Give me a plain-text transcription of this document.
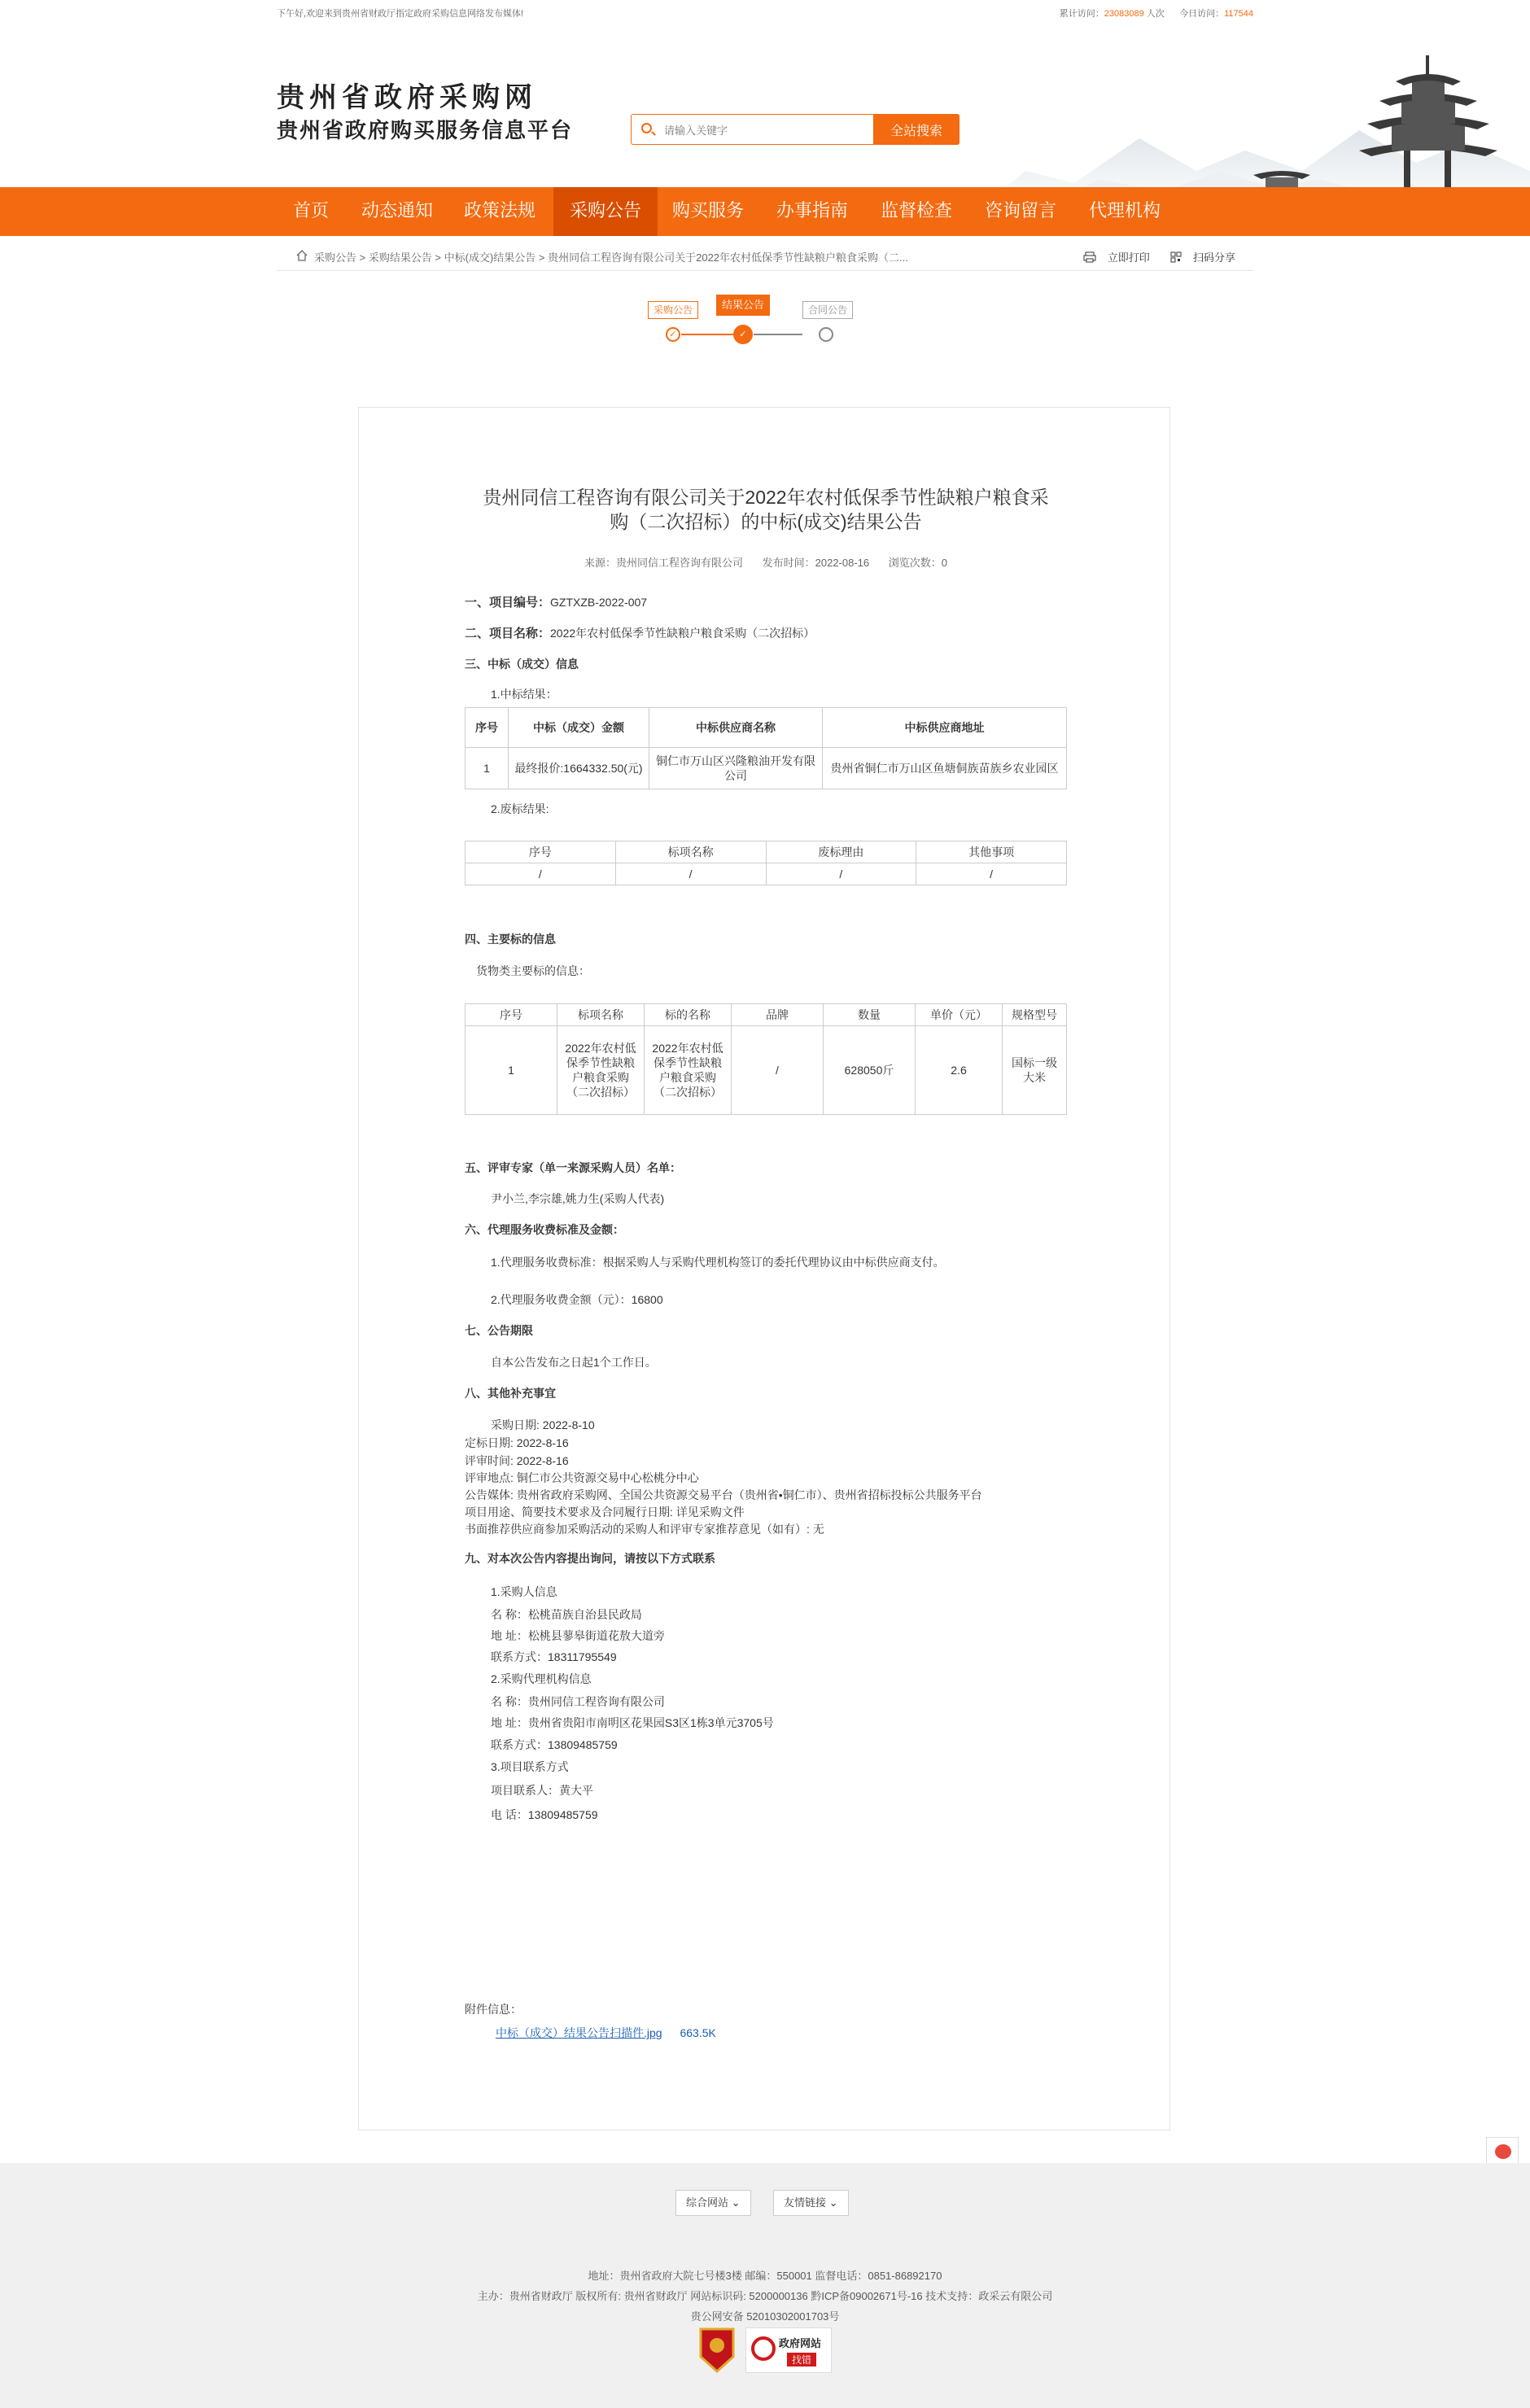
下午好,欢迎来到贵州省财政厅指定政府采购信息网络发布媒体!	累计访问：23083089 人次 今日访问：117544
贵州省政府采购网
贵州省政府购买服务信息平台
请输入关键字	全站搜索
首页	动态通知	政策法规	采购公告	购买服务	办事指南	监督检查	咨询留言	代理机构
采购公告 > 采购结果公告 > 中标(成交)结果公告 > 贵州同信工程咨询有限公司关于2022年农村低保季节性缺粮户粮食采购（二...	立即打印	扫码分享
采购公告	结果公告	合同公告
✓	✓
贵州同信工程咨询有限公司关于2022年农村低保季节性缺粮户粮食采
购（二次招标）的中标(成交)结果公告
来源：贵州同信工程咨询有限公司 发布时间：2022-08-16 浏览次数：0
一、项目编号：GZTXZB-2022-007
二、项目名称：2022年农村低保季节性缺粮户粮食采购（二次招标）
三、中标（成交）信息
1.中标结果：
序号	中标（成交）金额	中标供应商名称	中标供应商地址
1	最终报价:1664332.50(元)	铜仁市万山区兴隆粮油开发有限公司	贵州省铜仁市万山区鱼塘侗族苗族乡农业园区
2.废标结果:
序号	标项名称	废标理由	其他事项
/	/	/	/
四、主要标的信息
货物类主要标的信息：
序号	标项名称	标的名称	品牌	数量	单价（元）	规格型号
1	2022年农村低保季节性缺粮户粮食采购（二次招标）	2022年农村低保季节性缺粮户粮食采购（二次招标）	/	628050斤	2.6	国标一级大米
五、评审专家（单一来源采购人员）名单：
尹小兰,李宗雄,姚力生(采购人代表)
六、代理服务收费标准及金额：
1.代理服务收费标准：根据采购人与采购代理机构签订的委托代理协议由中标供应商支付。
2.代理服务收费金额（元）：16800
七、公告期限
自本公告发布之日起1个工作日。
八、其他补充事宜
采购日期: 2022-8-10
定标日期: 2022-8-16
评审时间: 2022-8-16
评审地点: 铜仁市公共资源交易中心松桃分中心
公告媒体: 贵州省政府采购网、全国公共资源交易平台（贵州省•铜仁市）、贵州省招标投标公共服务平台
项目用途、简要技术要求及合同履行日期: 详见采购文件
书面推荐供应商参加采购活动的采购人和评审专家推荐意见（如有）: 无
九、对本次公告内容提出询问，请按以下方式联系
1.采购人信息
名 称：松桃苗族自治县民政局
地 址：松桃县蓼皋街道花敖大道旁
联系方式：18311795549
2.采购代理机构信息
名 称：贵州同信工程咨询有限公司
地 址：贵州省贵阳市南明区花果园S3区1栋3单元3705号
联系方式：13809485759
3.项目联系方式
项目联系人：黄大平
电 话：13809485759
附件信息：
中标（成交）结果公告扫描件.jpg 663.5K
综合网站 ⌄	友情链接 ⌄
地址：贵州省政府大院七号楼3楼 邮编：550001 监督电话：0851-86892170
主办：贵州省财政厅 版权所有: 贵州省财政厅 网站标识码: 5200000136 黔ICP备09002671号-16 技术支持：政采云有限公司
贵公网安备 52010302001703号
政府网站
找错
